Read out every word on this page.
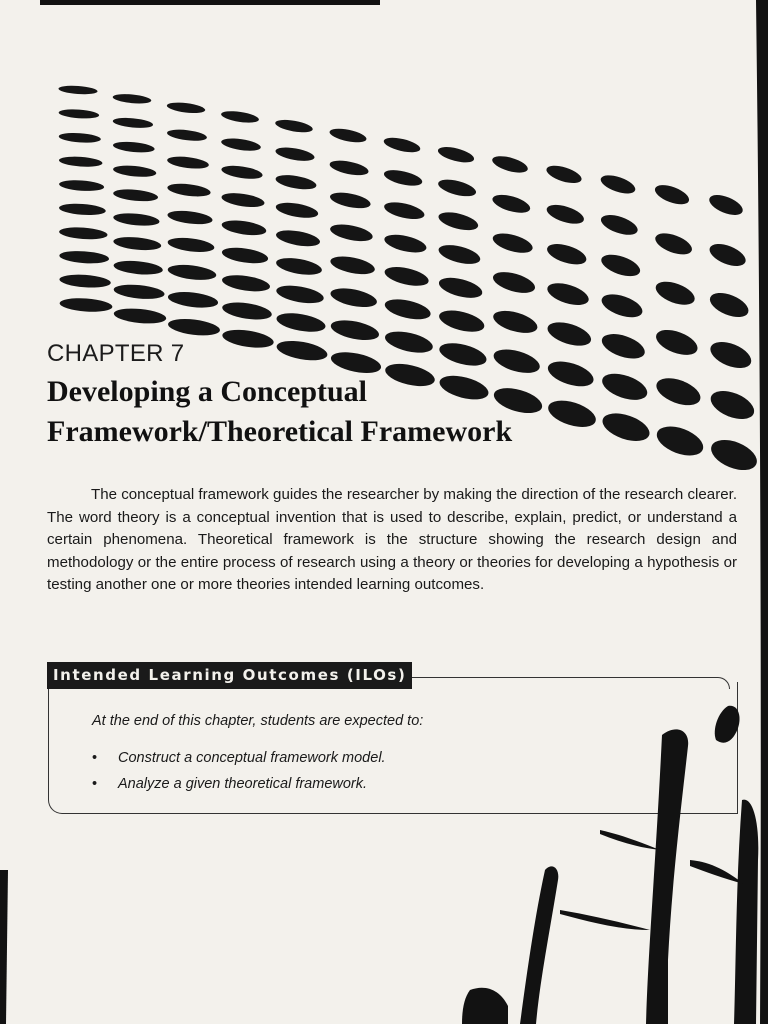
CHAPTER 7
Developing a Conceptual
Framework/Theoretical Framework

The conceptual framework guides the researcher by making the direction of the research clearer. The word theory is a conceptual invention that is used to describe, explain, predict, or understand a certain phenomena. Theoretical framework is the structure showing the research design and methodology or the entire process of research using a theory or theories for developing a hypothesis or testing another one or more theories intended learning outcomes.

Intended Learning Outcomes (ILOs)

At the end of this chapter, students are expected to:

• Construct a conceptual framework model.
• Analyze a given theoretical framework.
